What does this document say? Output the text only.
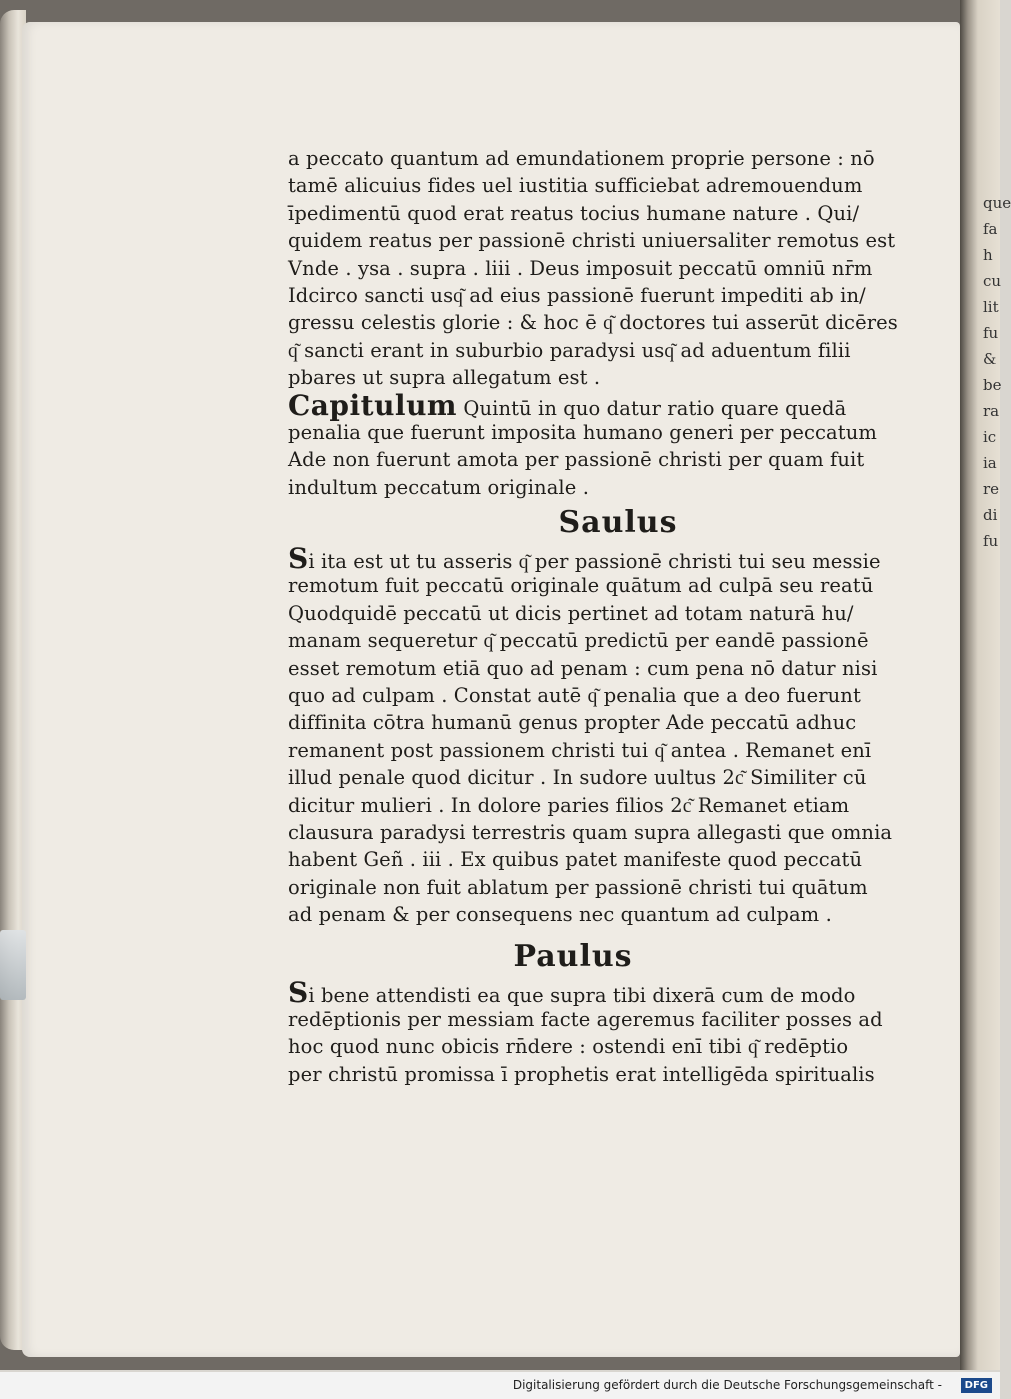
que
fa
h
cu
lit
fu
&
be
ra
ic
ia
re
di
fu
a peccato quantum ad emundationem proprie persone : nō
tamē alicuius fides uel iustitia sufficiebat adremouendum
īpedimentū quod erat reatus tocius humane nature . Qui/
quidem reatus per passionē christi uniuersaliter remotus est
Vnde . ysa . supra . liii . Deus imposuit peccatū omniū nr̄m
Idcirco sancti usq͂ ad eius passionē fuerunt impediti ab in/
gressu celestis glorie : & hoc ē q͂ doctores tui asserūt dicēres
q͂ sancti erant in suburbio paradysi usq͂ ad aduentum filii
pbares ut supra allegatum est .
Capitulum Quintū in quo datur ratio quare quedā
penalia que fuerunt imposita humano generi per peccatum
Ade non fuerunt amota per passionē christi per quam fuit
indultum peccatum originale .
Saulus
Si ita est ut tu asseris q͂ per passionē christi tui seu messie
remotum fuit peccatū originale quātum ad culpā seu reatū
Quodquidē peccatū ut dicis pertinet ad totam naturā hu/
manam sequeretur q͂ peccatū predictū per eandē passionē
esset remotum etiā quo ad penam : cum pena nō datur nisi
quo ad culpam . Constat autē q͂ penalia que a deo fuerunt
diffinita cōtra humanū genus propter Ade peccatū adhuc
remanent post passionem christi tui q͂ antea . Remanet enī
illud penale quod dicitur . In sudore uultus 2c͂ Similiter cū
dicitur mulieri . In dolore paries filios 2c͂ Remanet etiam
clausura paradysi terrestris quam supra allegasti que omnia
habent Geñ . iii . Ex quibus patet manifeste quod peccatū
originale non fuit ablatum per passionē christi tui quātum
ad penam & per consequens nec quantum ad culpam .
Paulus
Si bene attendisti ea que supra tibi dixerā cum de modo
redēptionis per messiam facte ageremus faciliter posses ad
hoc quod nunc obicis rn̄dere : ostendi enī tibi q͂ redēptio
per christū promissa ī prophetis erat intelligēda spiritualis
Digitalisierung gefördert durch die Deutsche Forschungsgemeinschaft -	DFG
